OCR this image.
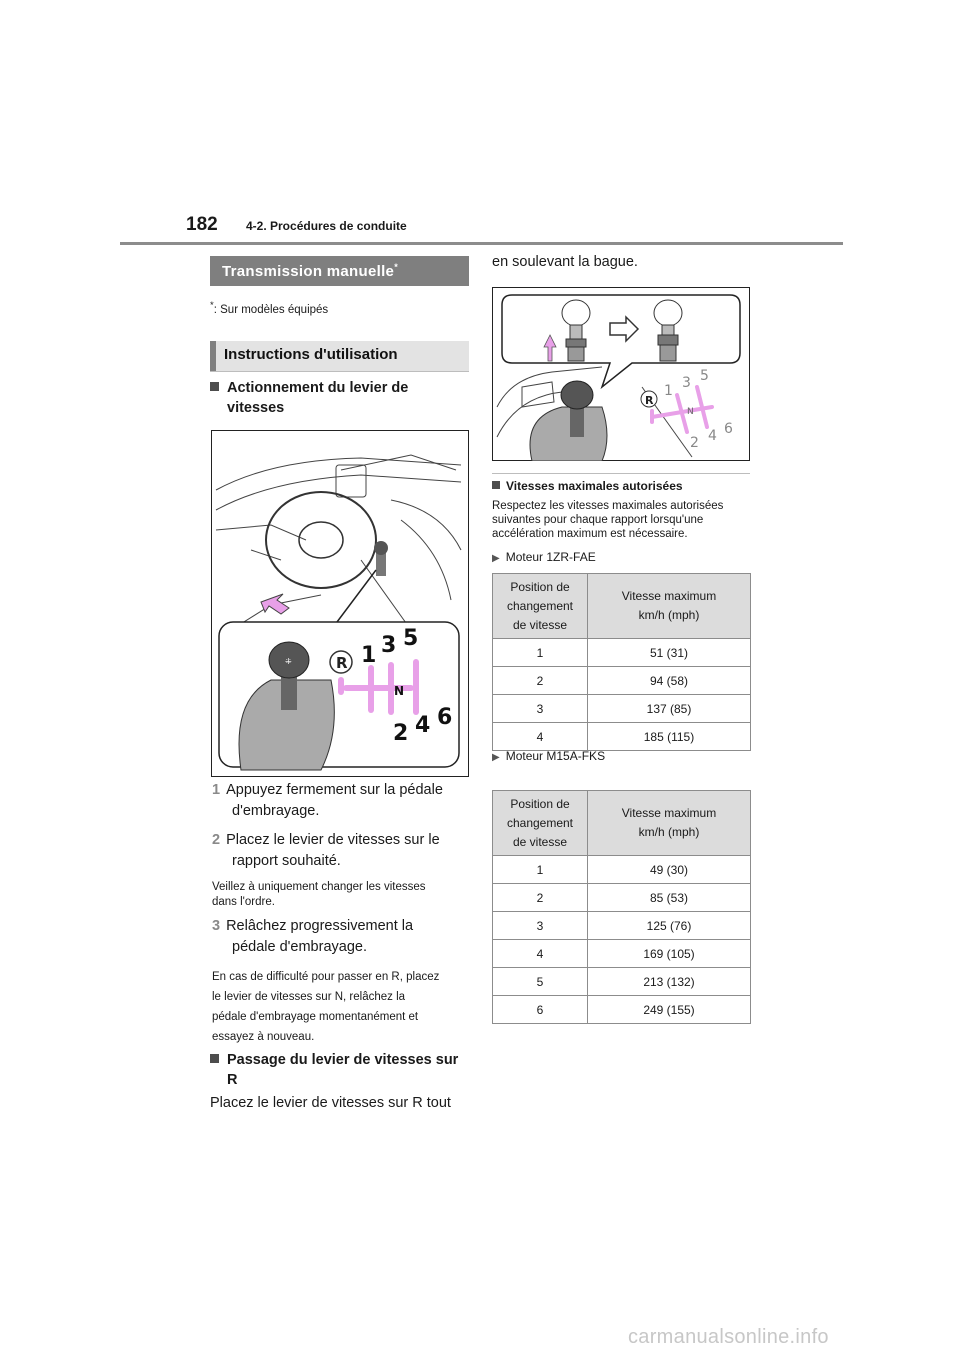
182 4-2. Procédures de conduite
Transmission manuelle*
*: Sur modèles équipés
Instructions d'utilisation
Actionnement du levier de
vitesses
⁜	R 1 3 5
N
2 4 6
1 Appuyez fermement sur la pédale
d'embrayage.
2 Placez le levier de vitesses sur le
rapport souhaité.
Veillez à uniquement changer les vitesses
dans l'ordre.
3 Relâchez progressivement la
pédale d'embrayage.
En cas de difficulté pour passer en R, placez
le levier de vitesses sur N, relâchez la
pédale d'embrayage momentanément et
essayez à nouveau.
Passage du levier de vitesses sur
R
Placez le levier de vitesses sur R tout
en soulevant la bague.
R
1 3 5
N
2 4 6
Vitesses maximales autorisées
Respectez les vitesses maximales autorisées
suivantes pour chaque rapport lorsqu'une
accélération maximum est nécessaire.
▶ Moteur 1ZR-FAE
Position de
changement
de vitesse	Vitesse maximum
km/h (mph)
1	51 (31)
2	94 (58)
3	137 (85)
4	185 (115)
▶ Moteur M15A-FKS
Position de
changement
de vitesse	Vitesse maximum
km/h (mph)
1	49 (30)
2	85 (53)
3	125 (76)
4	169 (105)
5	213 (132)
6	249 (155)
carmanualsonline.info
